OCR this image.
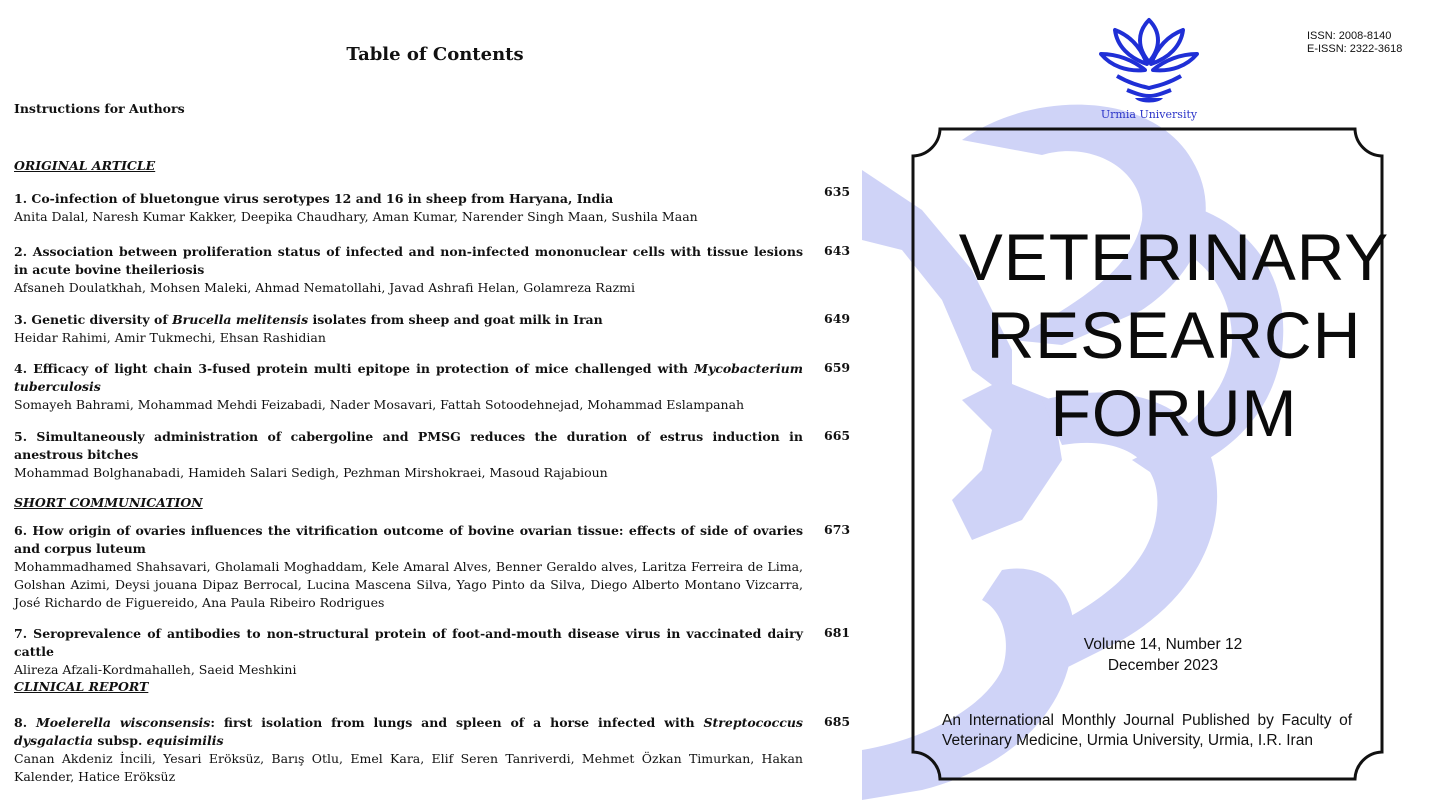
Table of Contents
Instructions for Authors
ORIGINAL ARTICLE
1. Co-infection of bluetongue virus serotypes 12 and 16 in sheep from Haryana, India
Anita Dalal, Naresh Kumar Kakker, Deepika Chaudhary, Aman Kumar, Narender Singh Maan, Sushila Maan
635
2. Association between proliferation status of infected and non-infected mononuclear cells with tissue lesions in acute bovine theileriosis
Afsaneh Doulatkhah, Mohsen Maleki, Ahmad Nematollahi, Javad Ashrafi Helan, Golamreza Razmi
643
3. Genetic diversity of Brucella melitensis isolates from sheep and goat milk in Iran
Heidar Rahimi, Amir Tukmechi, Ehsan Rashidian
649
4. Efficacy of light chain 3-fused protein multi epitope in protection of mice challenged with Mycobacterium tuberculosis
Somayeh Bahrami, Mohammad Mehdi Feizabadi, Nader Mosavari, Fattah Sotoodehnejad, Mohammad Eslampanah
659
5. Simultaneously administration of cabergoline and PMSG reduces the duration of estrus induction in anestrous bitches
Mohammad Bolghanabadi, Hamideh Salari Sedigh, Pezhman Mirshokraei, Masoud Rajabioun
665
SHORT COMMUNICATION
6. How origin of ovaries influences the vitrification outcome of bovine ovarian tissue: effects of side of ovaries and corpus luteum
Mohammadhamed Shahsavari, Gholamali Moghaddam, Kele Amaral Alves, Benner Geraldo alves, Laritza Ferreira de Lima, Golshan Azimi, Deysi jouana Dipaz Berrocal, Lucina Mascena Silva, Yago Pinto da Silva, Diego Alberto Montano Vizcarra, José Richardo de Figuereido, Ana Paula Ribeiro Rodrigues
673
7. Seroprevalence of antibodies to non-structural protein of foot-and-mouth disease virus in vaccinated dairy cattle
Alireza Afzali-Kordmahalleh, Saeid Meshkini
681
CLINICAL REPORT
8. Moelerella wisconsensis: first isolation from lungs and spleen of a horse infected with Streptococcus dysgalactia subsp. equisimilis
Canan Akdeniz İncili, Yesari Eröksüz, Barış Otlu, Emel Kara, Elif Seren Tanriverdi, Mehmet Özkan Timurkan, Hakan Kalender, Hatice Eröksüz
685
Urmia University
ISSN: 2008-8140
E-ISSN: 2322-3618
VETERINARY
RESEARCH
FORUM
Volume 14, Number 12
December 2023
An International Monthly Journal Published by Faculty of Veterinary Medicine, Urmia University, Urmia, I.R. Iran
